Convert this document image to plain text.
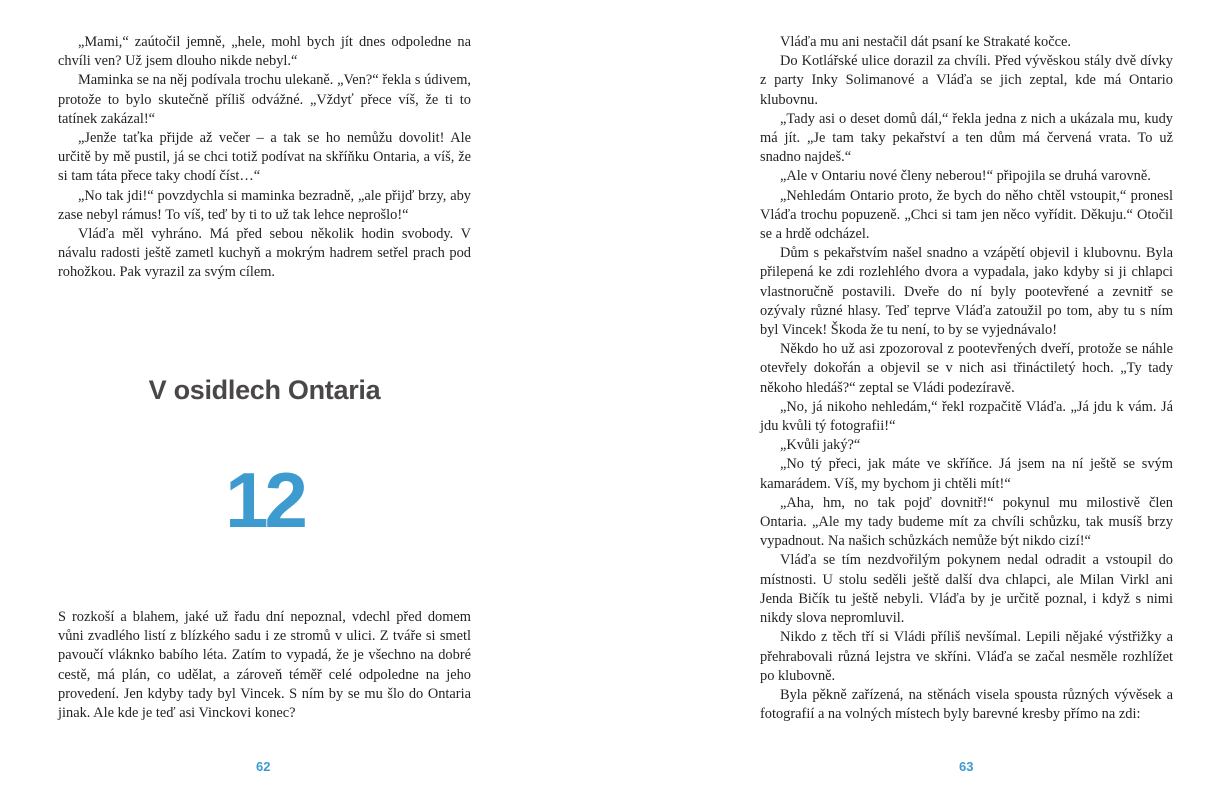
„Mami,“ zaútočil jemně, „hele, mohl bych jít dnes odpoledne na chvíli ven? Už jsem dlouho nikde nebyl.“

Maminka se na něj podívala trochu ulekaně. „Ven?“ řekla s údivem, protože to bylo skutečně příliš odvážné. „Vždyť přece víš, že ti to tatínek zakázal!“

„Jenže taťka přijde až večer – a tak se ho nemůžu dovolit! Ale určitě by mě pustil, já se chci totiž podívat na skříňku Ontaria, a víš, že si tam táta přece taky chodí číst…“

„No tak jdi!“ povzdychla si maminka bezradně, „ale přijď brzy, aby zase nebyl rámus! To víš, teď by ti to už tak lehce neprošlo!“

Vláďa měl vyhráno. Má před sebou několik hodin svobody. V návalu radosti ještě zametl kuchyň a mokrým hadrem setřel prach pod rohožkou. Pak vyrazil za svým cílem.

V osidlech Ontaria
12

S rozkoší a blahem, jaké už řadu dní nepoznal, vdechl před domem vůni zvadlého listí z blízkého sadu i ze stromů v ulici. Z tváře si smetl pavoučí vláknko babího léta. Zatím to vypadá, že je všechno na dobré cestě, má plán, co udělat, a zároveň téměř celé odpoledne na jeho provedení. Jen kdyby tady byl Vincek. S ním by se mu šlo do Ontaria jinak. Ale kde je teď asi Vinckovi konec?

62

Vláďa mu ani nestačil dát psaní ke Strakaté kočce.

Do Kotlářské ulice dorazil za chvíli. Před vývěskou stály dvě dívky z party Inky Solimanové a Vláďa se jich zeptal, kde má Ontario klubovnu.

„Tady asi o deset domů dál,“ řekla jedna z nich a ukázala mu, kudy má jít. „Je tam taky pekařství a ten dům má červená vrata. To už snadno najdeš.“

„Ale v Ontariu nové členy neberou!“ připojila se druhá varovně.

„Nehledám Ontario proto, že bych do něho chtěl vstoupit,“ pronesl Vláďa trochu popuzeně. „Chci si tam jen něco vyřídit. Děkuju.“ Otočil se a hrdě odcházel.

Dům s pekařstvím našel snadno a vzápětí objevil i klubovnu. Byla přilepená ke zdi rozlehlého dvora a vypadala, jako kdyby si ji chlapci vlastnoručně postavili. Dveře do ní byly pootevřené a zevnitř se ozývaly různé hlasy. Teď teprve Vláďa zatoužil po tom, aby tu s ním byl Vincek! Škoda že tu není, to by se vyjednávalo!

Někdo ho už asi zpozoroval z pootevřených dveří, protože se náhle otevřely dokořán a objevil se v nich asi třináctiletý hoch. „Ty tady někoho hledáš?“ zeptal se Vládi podezíravě.

„No, já nikoho nehledám,“ řekl rozpačitě Vláďa. „Já jdu k vám. Já jdu kvůli tý fotografii!“

„Kvůli jaký?“

„No tý přeci, jak máte ve skříňce. Já jsem na ní ještě se svým kamarádem. Víš, my bychom ji chtěli mít!“

„Aha, hm, no tak pojď dovnitř!“ pokynul mu milostivě člen Ontaria. „Ale my tady budeme mít za chvíli schůzku, tak musíš brzy vypadnout. Na našich schůzkách nemůže být nikdo cizí!“

Vláďa se tím nezdvořilým pokynem nedal odradit a vstoupil do místnosti. U stolu seděli ještě další dva chlapci, ale Milan Virkl ani Jenda Bičík tu ještě nebyli. Vláďa by je určitě poznal, i když s nimi nikdy slova nepromluvil.

Nikdo z těch tří si Vládi příliš nevšímal. Lepili nějaké výstřižky a přehrabovali různá lejstra ve skříni. Vláďa se začal nesměle rozhlížet po klubovně.

Byla pěkně zařízená, na stěnách visela spousta různých vývěsek a fotografií a na volných místech byly barevné kresby přímo na zdi:

63
